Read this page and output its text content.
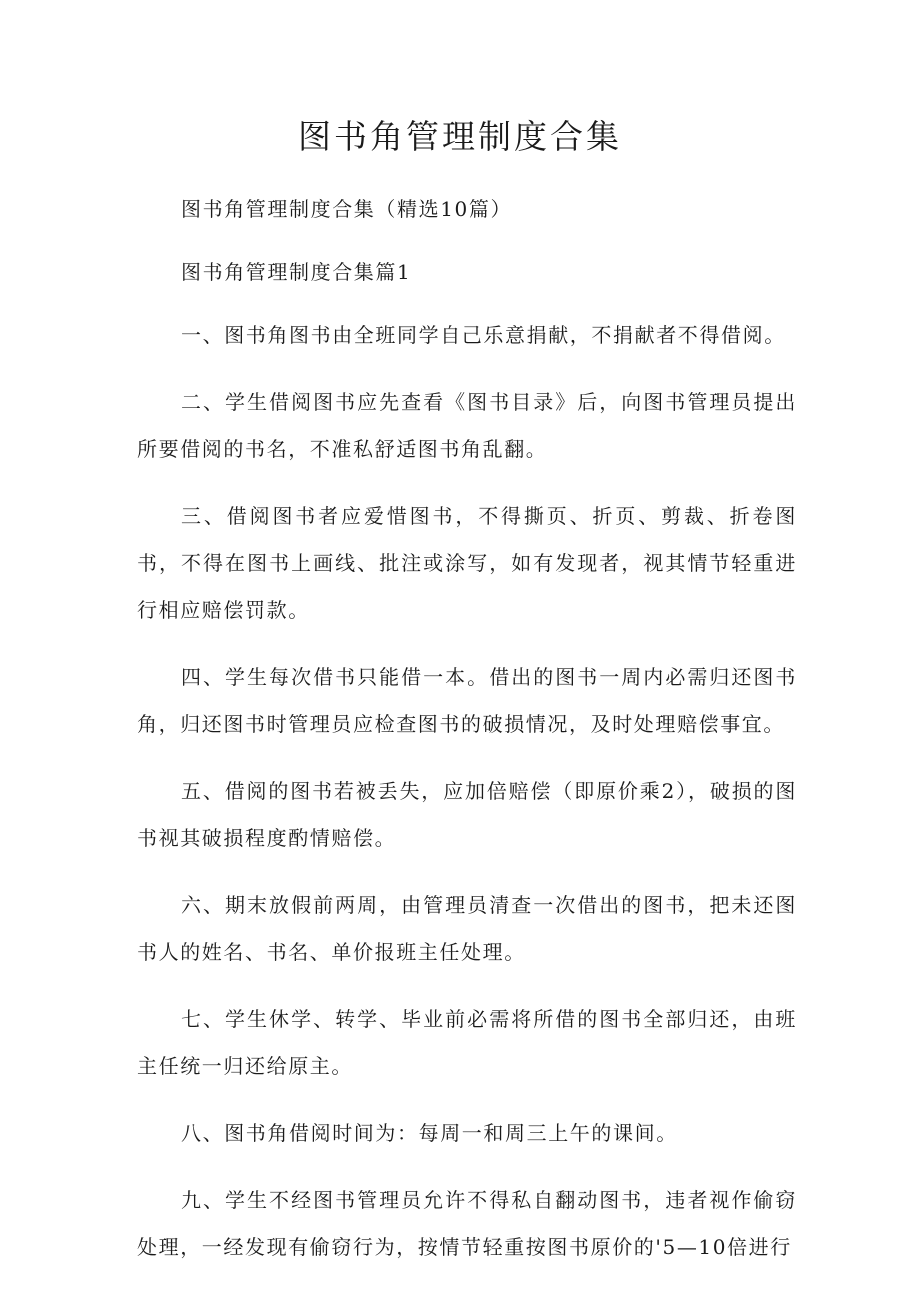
图书角管理制度合集

图书角管理制度合集（精选10篇）

图书角管理制度合集篇1

一、图书角图书由全班同学自己乐意捐献，不捐献者不得借阅。

二、学生借阅图书应先查看《图书目录》后，向图书管理员提出所要借阅的书名，不准私舒适图书角乱翻。

三、借阅图书者应爱惜图书，不得撕页、折页、剪裁、折卷图书，不得在图书上画线、批注或涂写，如有发现者，视其情节轻重进行相应赔偿罚款。

四、学生每次借书只能借一本。借出的图书一周内必需归还图书角，归还图书时管理员应检查图书的破损情况，及时处理赔偿事宜。

五、借阅的图书若被丢失，应加倍赔偿（即原价乘2），破损的图书视其破损程度酌情赔偿。

六、期末放假前两周，由管理员清查一次借出的图书，把未还图书人的姓名、书名、单价报班主任处理。

七、学生休学、转学、毕业前必需将所借的图书全部归还，由班主任统一归还给原主。

八、图书角借阅时间为：每周一和周三上午的课间。

九、学生不经图书管理员允许不得私自翻动图书，违者视作偷窃处理，一经发现有偷窃行为，按情节轻重按图书原价的'5—10倍进行
